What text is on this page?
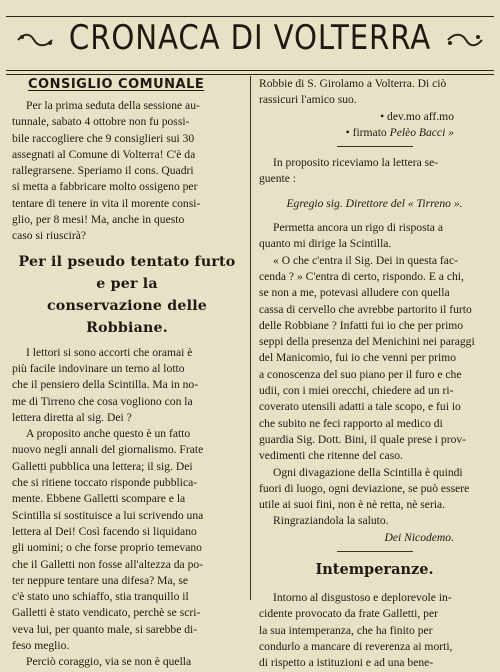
CRONACA DI VOLTERRA
CONSIGLIO COMUNALE
Per la prima seduta della sessione au-
tunnale, sabato 4 ottobre non fu possi-
bile raccogliere che 9 consiglieri sui 30
assegnati al Comune di Volterra! C'è da
rallegrarsene. Speriamo il cons. Quadri
si metta a fabbricare molto ossigeno per
tentare di tenere in vita il morente consi-
glio, per 8 mesi! Ma, anche in questo
caso si riuscirà?
Per il pseudo tentato furto e per la
conservazione delle Robbiane.
I lettori si sono accorti che oramai è
più facile indovinare un terno al lotto
che il pensiero della Scintilla. Ma in no-
me di Tirreno che cosa vogliono con la
lettera diretta al sig. Dei ?
A proposito anche questo è un fatto
nuovo negli annali del giornalismo. Frate
Galletti pubblica una lettera; il sig. Dei
che si ritiene toccato risponde pubblica-
mente. Ebbene Galletti scompare e la
Scintilla si sostituisce a lui scrivendo una
lettera al Dei! Così facendo si liquidano
gli uomini; o che forse proprio temevano
che il Galletti non fosse all'altezza da po-
ter neppure tentare una difesa? Ma, se
c'è stato uno schiaffo, stia tranquillo il
Galletti è stato vendicato, perchè se scri-
veva lui, per quanto male, si sarebbe di-
feso meglio.
Perciò coraggio, via se non è quella
Robbie di S. Girolamo a Volterra. Di ciò
rassicuri l'amico suo.
• dev.mo aff.mo
• firmato Pelèo Bacci »
In proposito riceviamo la lettera se-
guente :
Egregio sig. Direttore del « Tirreno ».
Permetta ancora un rigo di risposta a
quanto mi dirige la Scintilla.
« O che c'entra il Sig. Dei in questa fac-
cenda ? » C'entra di certo, rispondo. E a chi,
se non a me, potevasi alludere con quella
cassa di cervello che avrebbe partorito il furto
delle Robbiane ? Infatti fui io che per primo
seppi della presenza del Menichini nei paraggi
del Manicomio, fui io che venni per primo
a conoscenza del suo piano per il furo e che
udii, con i miei orecchi, chiedere ad un ri-
coverato utensili adatti a tale scopo, e fui io
che subito ne feci rapporto al medico di
guardia Sig. Dott. Bini, il quale prese i prov-
vedimenti che ritenne del caso.
Ogni divagazione della Scintilla è quindi
fuori di luogo, ogni deviazione, se può essere
utile ai suoi fini, non è nè retta, nè seria.
Ringraziandola la saluto.
Dei Nicodemo.
Intemperanze.
Intorno al disgustoso e deplorevole in-
cidente provocato da frate Galletti, per
la sua intemperanza, che ha finito per
condurlo a mancare di reverenza ai morti,
di rispetto a istituzioni e ad una bene-
